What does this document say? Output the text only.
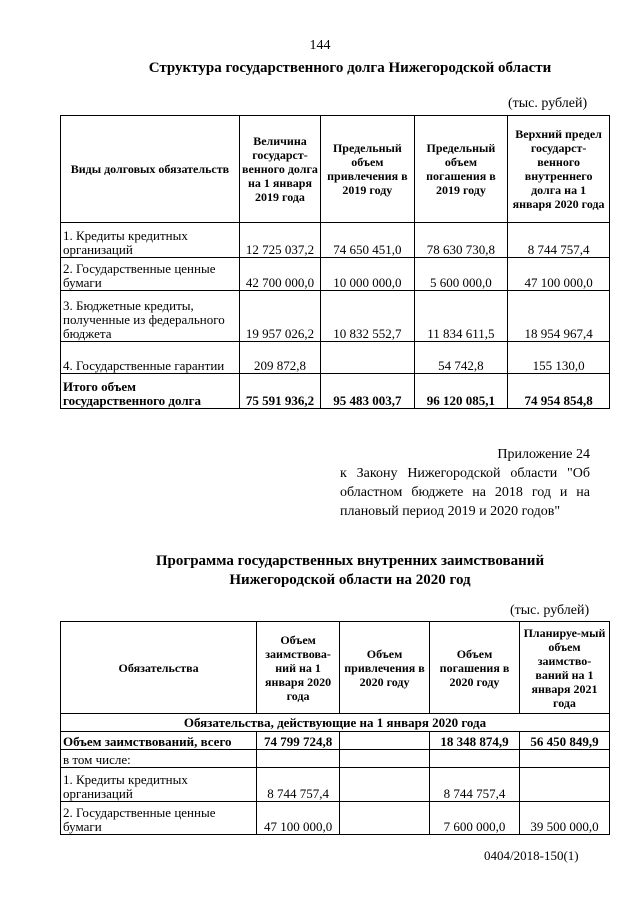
144
Структура государственного долга Нижегородской области
(тыс. рублей)
Виды долговых обязательств	Величина государст-венного долга на 1 января 2019 года	Предельный объем привлечения в 2019 году	Предельный объем погашения в 2019 году	Верхний предел государст-венного внутреннего долга на 1 января 2020 года
1. Кредиты кредитных организаций	12 725 037,2	74 650 451,0	78 630 730,8	8 744 757,4
2. Государственные ценные бумаги	42 700 000,0	10 000 000,0	5 600 000,0	47 100 000,0
3. Бюджетные кредиты, полученные из федерального бюджета	19 957 026,2	10 832 552,7	11 834 611,5	18 954 967,4
4. Государственные гарантии	209 872,8		54 742,8	155 130,0
Итого объем государственного долга	75 591 936,2	95 483 003,7	96 120 085,1	74 954 854,8
Приложение 24
к Закону Нижегородской области "Об областном бюджете на 2018 год и на плановый период 2019 и 2020 годов"
Программа государственных внутренних заимствований
Нижегородской области на 2020 год
(тыс. рублей)
Обязательства	Объем заимствова-ний на 1 января 2020 года	Объем привлечения в 2020 году	Объем погашения в 2020 году	Планируе-мый объем заимство-ваний на 1 января 2021 года
Обязательства, действующие на 1 января 2020 года				
Объем заимствований, всего	74 799 724,8		18 348 874,9	56 450 849,9
в том числе:				
1. Кредиты кредитных организаций	8 744 757,4		8 744 757,4	
2. Государственные ценные бумаги	47 100 000,0		7 600 000,0	39 500 000,0
0404/2018-150(1)
